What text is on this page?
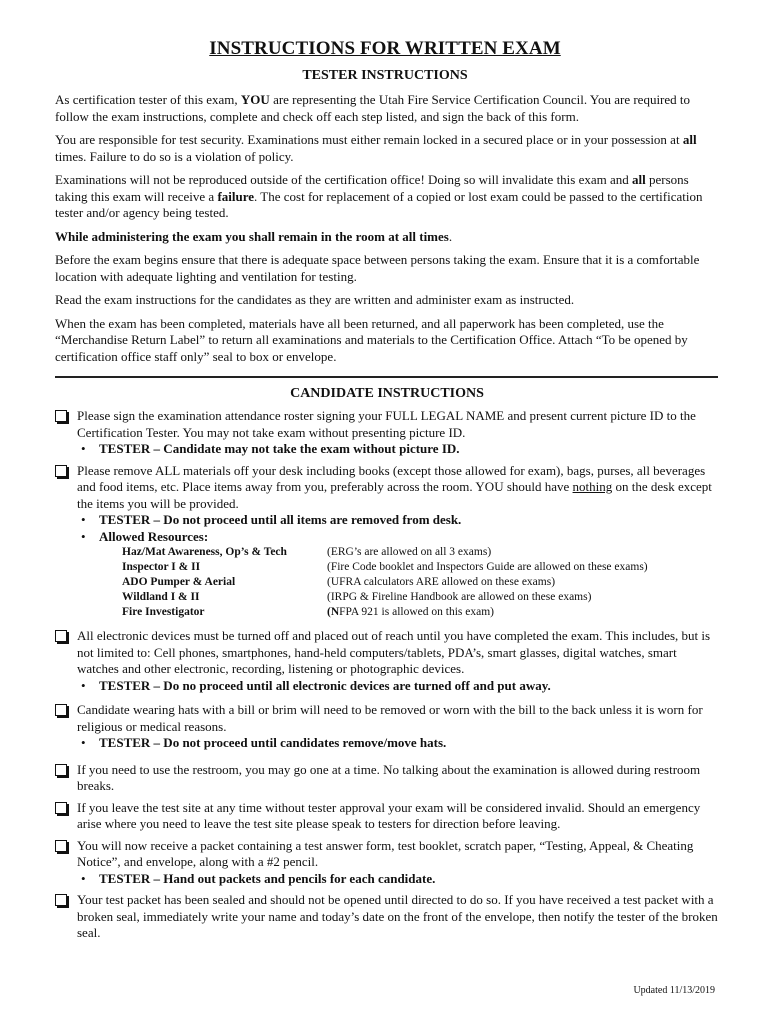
INSTRUCTIONS FOR WRITTEN EXAM
TESTER INSTRUCTIONS

As certification tester of this exam, YOU are representing the Utah Fire Service Certification Council. You are required to follow the exam instructions, complete and check off each step listed, and sign the back of this form.

You are responsible for test security. Examinations must either remain locked in a secured place or in your possession at all times. Failure to do so is a violation of policy.

Examinations will not be reproduced outside of the certification office! Doing so will invalidate this exam and all persons taking this exam will receive a failure. The cost for replacement of a copied or lost exam could be passed to the certification tester and/or agency being tested.

While administering the exam you shall remain in the room at all times.

Before the exam begins ensure that there is adequate space between persons taking the exam. Ensure that it is a comfortable location with adequate lighting and ventilation for testing.

Read the exam instructions for the candidates as they are written and administer exam as instructed.

When the exam has been completed, materials have all been returned, and all paperwork has been completed, use the “Merchandise Return Label” to return all examinations and materials to the Certification Office. Attach “To be opened by certification office staff only” seal to box or envelope.

CANDIDATE INSTRUCTIONS
Please sign the examination attendance roster signing your FULL LEGAL NAME and present current picture ID to the Certification Tester. You may not take exam without presenting picture ID.
• TESTER – Candidate may not take the exam without picture ID.
Please remove ALL materials off your desk including books (except those allowed for exam), bags, purses, all beverages and food items, etc. Place items away from you, preferably across the room. YOU should have nothing on the desk except the items you will be provided.
• TESTER – Do not proceed until all items are removed from desk.
• Allowed Resources:
Haz/Mat Awareness, Op’s & Tech	(ERG’s are allowed on all 3 exams)
Inspector I & II	(Fire Code booklet and Inspectors Guide are allowed on these exams)
ADO Pumper & Aerial	(UFRA calculators ARE allowed on these exams)
Wildland I & II	(IRPG & Fireline Handbook are allowed on these exams)
Fire Investigator	(NFPA 921 is allowed on this exam)
All electronic devices must be turned off and placed out of reach until you have completed the exam. This includes, but is not limited to: Cell phones, smartphones, hand-held computers/tablets, PDA’s, smart glasses, digital watches, smart watches and other electronic, recording, listening or photographic devices.
• TESTER – Do no proceed until all electronic devices are turned off and put away.
Candidate wearing hats with a bill or brim will need to be removed or worn with the bill to the back unless it is worn for religious or medical reasons.
• TESTER – Do not proceed until candidates remove/move hats.
If you need to use the restroom, you may go one at a time. No talking about the examination is allowed during restroom breaks.
If you leave the test site at any time without tester approval your exam will be considered invalid. Should an emergency arise where you need to leave the test site please speak to testers for direction before leaving.
You will now receive a packet containing a test answer form, test booklet, scratch paper, “Testing, Appeal, & Cheating Notice”, and envelope, along with a #2 pencil.
• TESTER – Hand out packets and pencils for each candidate.
Your test packet has been sealed and should not be opened until directed to do so. If you have received a test packet with a broken seal, immediately write your name and today’s date on the front of the envelope, then notify the tester of the broken seal.
Updated 11/13/2019
